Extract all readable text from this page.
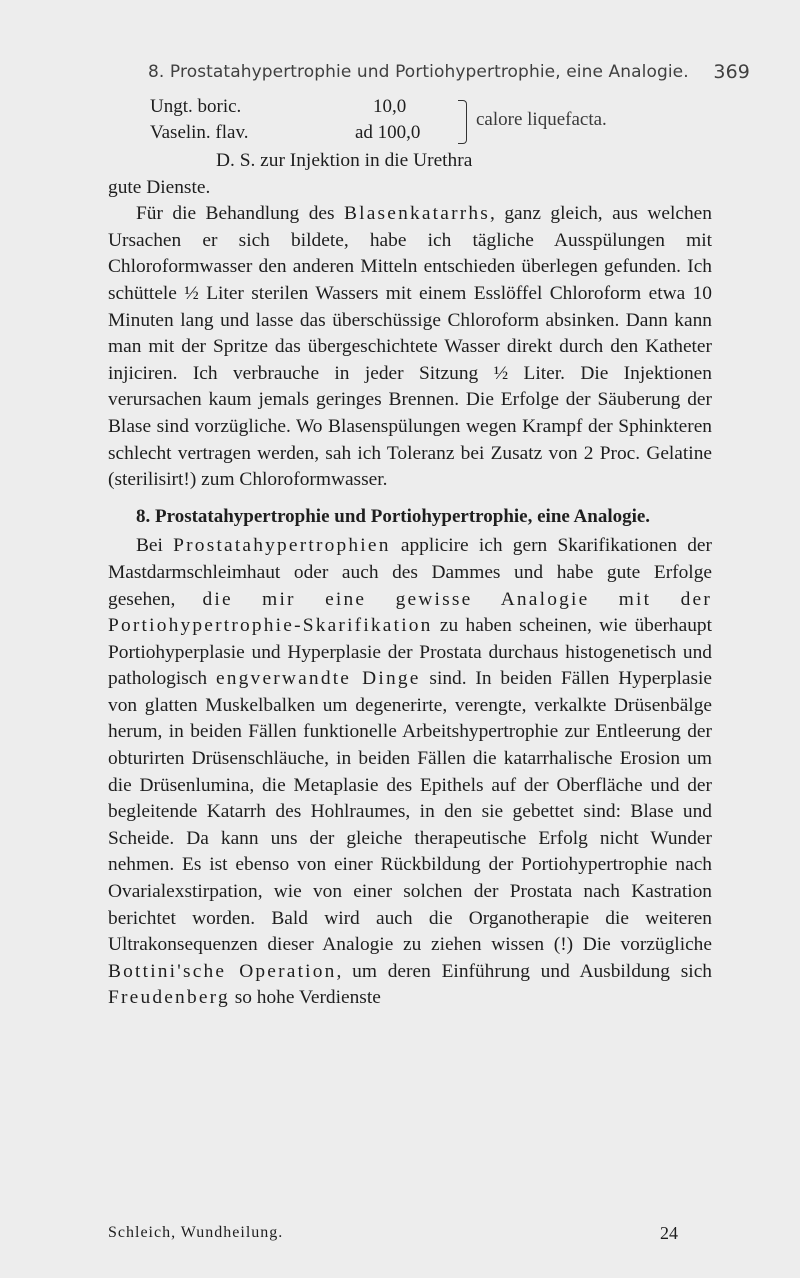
8. Prostatahypertrophie und Portiohypertrophie, eine Analogie. 369
Ungt. boric.	10,0
Vaselin. flav.	ad 100,0
calore liquefacta.

D. S. zur Injektion in die Urethra

gute Dienste.

Für die Behandlung des Blasenkatarrhs, ganz gleich, aus welchen Ursachen er sich bildete, habe ich tägliche Ausspülungen mit Chloroformwasser den anderen Mitteln entschieden überlegen gefunden. Ich schüttele ½ Liter sterilen Wassers mit einem Esslöffel Chloroform etwa 10 Minuten lang und lasse das überschüssige Chloroform absinken. Dann kann man mit der Spritze das übergeschichtete Wasser direkt durch den Katheter injiciren. Ich verbrauche in jeder Sitzung ½ Liter. Die Injektionen verursachen kaum jemals geringes Brennen. Die Erfolge der Säuberung der Blase sind vorzügliche. Wo Blasenspülungen wegen Krampf der Sphinkteren schlecht vertragen werden, sah ich Toleranz bei Zusatz von 2 Proc. Gelatine (sterilisirt!) zum Chloroformwasser.

8. Prostatahypertrophie und Portiohypertrophie, eine Analogie.

Bei Prostatahypertrophien applicire ich gern Skarifikationen der Mastdarmschleimhaut oder auch des Dammes und habe gute Erfolge gesehen, die mir eine gewisse Analogie mit der Portiohypertrophie-Skarifikation zu haben scheinen, wie überhaupt Portiohyperplasie und Hyperplasie der Prostata durchaus histogenetisch und pathologisch engverwandte Dinge sind. In beiden Fällen Hyperplasie von glatten Muskelbalken um degenerirte, verengte, verkalkte Drüsenbälge herum, in beiden Fällen funktionelle Arbeitshypertrophie zur Entleerung der obturirten Drüsenschläuche, in beiden Fällen die katarrhalische Erosion um die Drüsenlumina, die Metaplasie des Epithels auf der Oberfläche und der begleitende Katarrh des Hohlraumes, in den sie gebettet sind: Blase und Scheide. Da kann uns der gleiche therapeutische Erfolg nicht Wunder nehmen. Es ist ebenso von einer Rückbildung der Portiohypertrophie nach Ovarialexstirpation, wie von einer solchen der Prostata nach Kastration berichtet worden. Bald wird auch die Organotherapie die weiteren Ultrakonsequenzen dieser Analogie zu ziehen wissen (!) Die vorzügliche Bottini'sche Operation, um deren Einführung und Ausbildung sich Freudenberg so hohe Verdienste

Schleich, Wundheilung.	24
